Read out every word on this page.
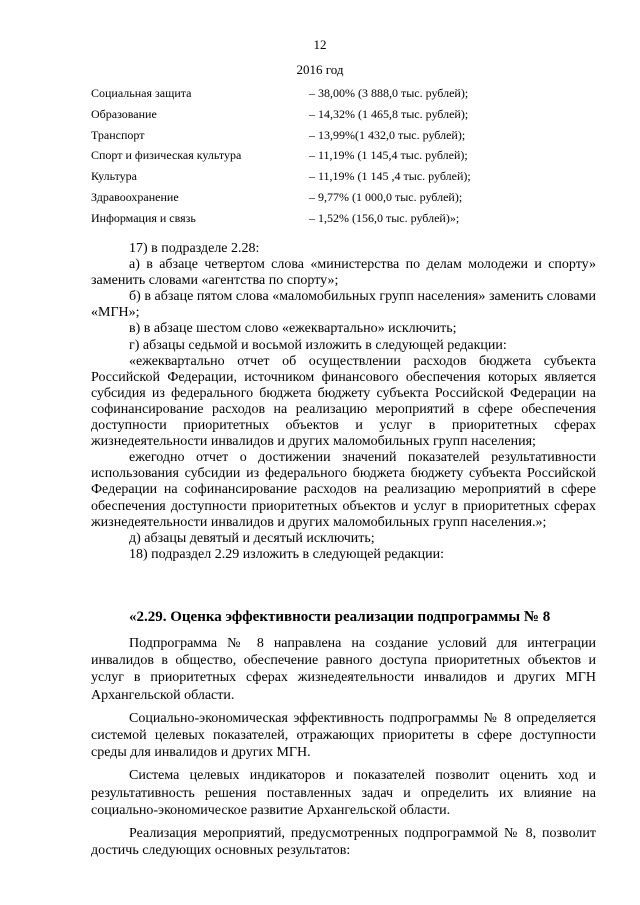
12
2016 год
Социальная защита	– 38,00% (3 888,0 тыс. рублей);
Образование	– 14,32% (1 465,8 тыс. рублей);
Транспорт	– 13,99%(1 432,0 тыс. рублей);
Спорт и физическая культура	– 11,19% (1 145,4 тыс. рублей);
Культура	– 11,19% (1 145 ,4 тыс. рублей);
Здравоохранение	– 9,77% (1 000,0 тыс. рублей);
Информация и связь	– 1,52% (156,0 тыс. рублей)»;

17) в подразделе 2.28:

а) в абзаце четвертом слова «министерства по делам молодежи и спорту» заменить словами «агентства по спорту»;

б) в абзаце пятом слова «маломобильных групп населения» заменить словами «МГН»;

в) в абзаце шестом слово «ежеквартально» исключить;

г) абзацы седьмой и восьмой изложить в следующей редакции:

«ежеквартально отчет об осуществлении расходов бюджета субъекта Российской Федерации, источником финансового обеспечения которых является субсидия из федерального бюджета бюджету субъекта Российской Федерации на софинансирование расходов на реализацию мероприятий в сфере обеспечения доступности приоритетных объектов и услуг в приоритетных сферах жизнедеятельности инвалидов и других маломобильных групп населения;

ежегодно отчет о достижении значений показателей результативности использования субсидии из федерального бюджета бюджету субъекта Российской Федерации на софинансирование расходов на реализацию мероприятий в сфере обеспечения доступности приоритетных объектов и услуг в приоритетных сферах жизнедеятельности инвалидов и других маломобильных групп населения.»;

д) абзацы девятый и десятый исключить;

18) подраздел 2.29 изложить в следующей редакции:

«2.29. Оценка эффективности реализации подпрограммы № 8

Подпрограмма № 8 направлена на создание условий для интеграции инвалидов в общество, обеспечение равного доступа приоритетных объектов и услуг в приоритетных сферах жизнедеятельности инвалидов и других МГН Архангельской области.

Социально-экономическая эффективность подпрограммы № 8 определяется системой целевых показателей, отражающих приоритеты в сфере доступности среды для инвалидов и других МГН.

Система целевых индикаторов и показателей позволит оценить ход и результативность решения поставленных задач и определить их влияние на социально-экономическое развитие Архангельской области.

Реализация мероприятий, предусмотренных подпрограммой № 8, позволит достичь следующих основных результатов:
